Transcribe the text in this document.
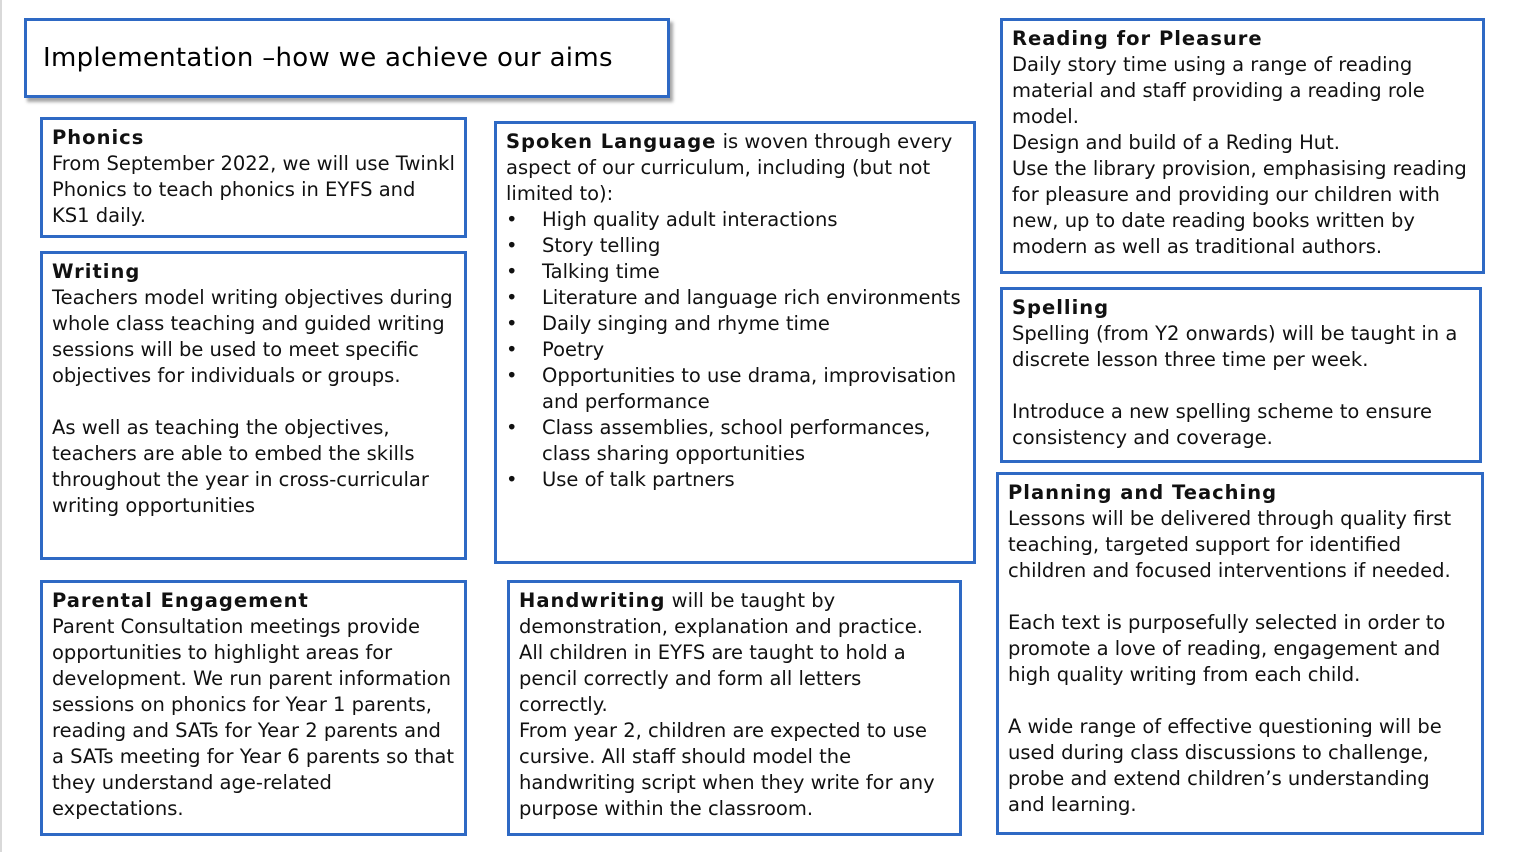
Implementation –how we achieve our aims
Phonics
From September 2022, we will use Twinkl Phonics to teach phonics in EYFS and KS1 daily.
Writing
Teachers model writing objectives during whole class teaching and guided writing sessions will be used to meet specific objectives for individuals or groups.
As well as teaching the objectives, teachers are able to embed the skills throughout the year in cross-curricular writing opportunities
Parental Engagement
Parent Consultation meetings provide opportunities to highlight areas for development. We run parent information sessions on phonics for Year 1 parents, reading and SATs for Year 2 parents and a SATs meeting for Year 6 parents so that they understand age-related expectations.
Spoken Language is woven through every aspect of our curriculum, including (but not limited to):
• High quality adult interactions
• Story telling
• Talking time
• Literature and language rich environments
• Daily singing and rhyme time
• Poetry
• Opportunities to use drama, improvisation and performance
• Class assemblies, school performances, class sharing opportunities
• Use of talk partners
Handwriting will be taught by demonstration, explanation and practice.
All children in EYFS are taught to hold a pencil correctly and form all letters correctly.
From year 2, children are expected to use cursive. All staff should model the handwriting script when they write for any purpose within the classroom.
Reading for Pleasure
Daily story time using a range of reading material and staff providing a reading role model.
Design and build of a Reding Hut.
Use the library provision, emphasising reading for pleasure and providing our children with new, up to date reading books written by modern as well as traditional authors.
Spelling
Spelling (from Y2 onwards) will be taught in a discrete lesson three time per week.
Introduce a new spelling scheme to ensure consistency and coverage.
Planning and Teaching
Lessons will be delivered through quality first teaching, targeted support for identified children and focused interventions if needed.
Each text is purposefully selected in order to promote a love of reading, engagement and high quality writing from each child.
A wide range of effective questioning will be used during class discussions to challenge, probe and extend children’s understanding and learning.
